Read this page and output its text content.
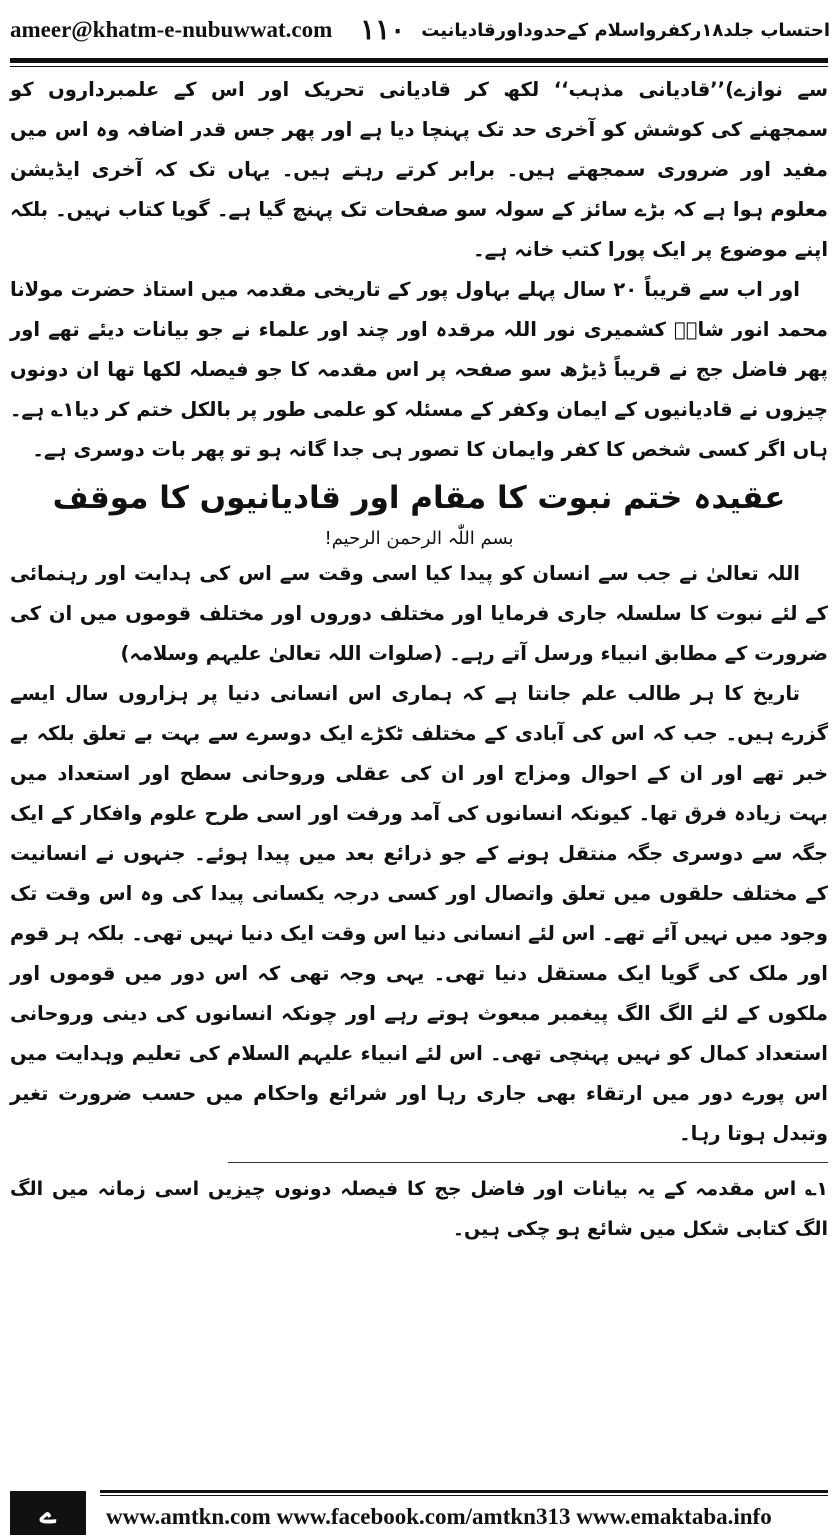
ameer@khatm-e-nubuwwat.com	احتساب جلد۱۸رکفرواسلام کےحدوداورقادیانیت
۱۱۰

سے نوازے)’’قادیانی مذہب‘‘ لکھ کر قادیانی تحریک اور اس کے علمبرداروں کو سمجھنے کی کوشش کو آخری حد تک پہنچا دیا ہے اور پھر جس قدر اضافہ وہ اس میں مفید اور ضروری سمجھتے ہیں۔ برابر کرتے رہتے ہیں۔ یہاں تک کہ آخری ایڈیشن معلوم ہوا ہے کہ بڑے سائز کے سولہ سو صفحات تک پہنچ گیا ہے۔ گویا کتاب نہیں۔ بلکہ اپنے موضوع پر ایک پورا کتب خانہ ہے۔

اور اب سے قریباً ۲۰ سال پہلے بہاول پور کے تاریخی مقدمہ میں استاذ حضرت مولانا محمد انور شاہؒ کشمیری نور اللہ مرقدہ اور چند اور علماء نے جو بیانات دیئے تھے اور پھر فاضل جج نے قریباً ڈیڑھ سو صفحہ پر اس مقدمہ کا جو فیصلہ لکھا تھا ان دونوں چیزوں نے قادیانیوں کے ایمان وکفر کے مسئلہ کو علمی طور پر بالکل ختم کر دیا۱؎ ہے۔ ہاں اگر کسی شخص کا کفر وایمان کا تصور ہی جدا گانہ ہو تو پھر بات دوسری ہے۔

عقیدہ ختم نبوت کا مقام اور قادیانیوں کا موقف

بسم اللّٰہ الرحمن الرحیم!

اللہ تعالیٰ نے جب سے انسان کو پیدا کیا اسی وقت سے اس کی ہدایت اور رہنمائی کے لئے نبوت کا سلسلہ جاری فرمایا اور مختلف دوروں اور مختلف قوموں میں ان کی ضرورت کے مطابق انبیاء ورسل آتے رہے۔ (صلوات اللہ تعالیٰ علیہم وسلامہ)

تاریخ کا ہر طالب علم جانتا ہے کہ ہماری اس انسانی دنیا پر ہزاروں سال ایسے گزرے ہیں۔ جب کہ اس کی آبادی کے مختلف ٹکڑے ایک دوسرے سے بہت بے تعلق بلکہ بے خبر تھے اور ان کے احوال ومزاج اور ان کی عقلی وروحانی سطح اور استعداد میں بہت زیادہ فرق تھا۔ کیونکہ انسانوں کی آمد ورفت اور اسی طرح علوم وافکار کے ایک جگہ سے دوسری جگہ منتقل ہونے کے جو ذرائع بعد میں پیدا ہوئے۔ جنہوں نے انسانیت کے مختلف حلقوں میں تعلق واتصال اور کسی درجہ یکسانی پیدا کی وہ اس وقت تک وجود میں نہیں آئے تھے۔ اس لئے انسانی دنیا اس وقت ایک دنیا نہیں تھی۔ بلکہ ہر قوم اور ملک کی گویا ایک مستقل دنیا تھی۔ یہی وجہ تھی کہ اس دور میں قوموں اور ملکوں کے لئے الگ الگ پیغمبر مبعوث ہوتے رہے اور چونکہ انسانوں کی دینی وروحانی استعداد کمال کو نہیں پہنچی تھی۔ اس لئے انبیاء علیہم السلام کی تعلیم وہدایت میں اس پورے دور میں ارتقاء بھی جاری رہا اور شرائع واحکام میں حسب ضرورت تغیر وتبدل ہوتا رہا۔

۱؎ اس مقدمہ کے یہ بیانات اور فاضل جج کا فیصلہ دونوں چیزیں اسی زمانہ میں الگ الگ کتابی شکل میں شائع ہو چکی ہیں۔

ے	www.amtkn.com www.facebook.com/amtkn313 www.emaktaba.info
